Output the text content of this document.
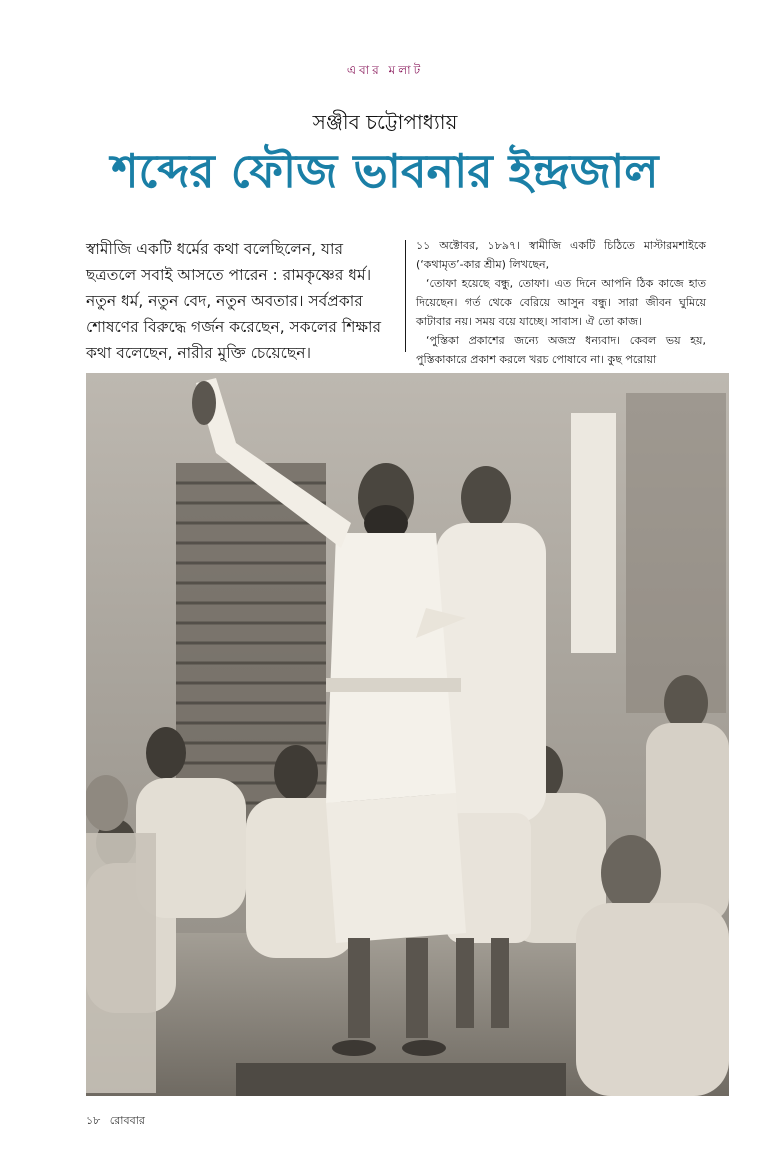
এবার মলাট
সঞ্জীব চট্টোপাধ্যায়
শব্দের ফৌজ ভাবনার ইন্দ্রজাল
স্বামীজি একটি ধর্মের কথা বলেছিলেন, যার ছত্রতলে সবাই আসতে পারেন : রামকৃষ্ণের ধর্ম। নতুন ধর্ম, নতুন বেদ, নতুন অবতার। সর্বপ্রকার শোষণের বিরুদ্ধে গর্জন করেছেন, সকলের শিক্ষার কথা বলেছেন, নারীর মুক্তি চেয়েছেন।

১১ অক্টোবর, ১৮৯৭। স্বামীজি একটি চিঠিতে মাস্টারমশাইকে (‘কথামৃত’-কার শ্রীম) লিখছেন,

‘তোফা হয়েছে বন্ধু, তোফা। এত দিনে আপনি ঠিক কাজে হাত দিয়েছেন। গর্ত থেকে বেরিয়ে আসুন বন্ধু। সারা জীবন ঘুমিয়ে কাটাবার নয়। সময় বয়ে যাচ্ছে। সাবাস। ঐ তো কাজ।

‘পুস্তিকা প্রকাশের জন্যে অজস্র ধন্যবাদ। কেবল ভয় হয়, পুস্তিকাকারে প্রকাশ করলে খরচ পোষাবে না। কুছ পরোয়া

১৮ রোববার
